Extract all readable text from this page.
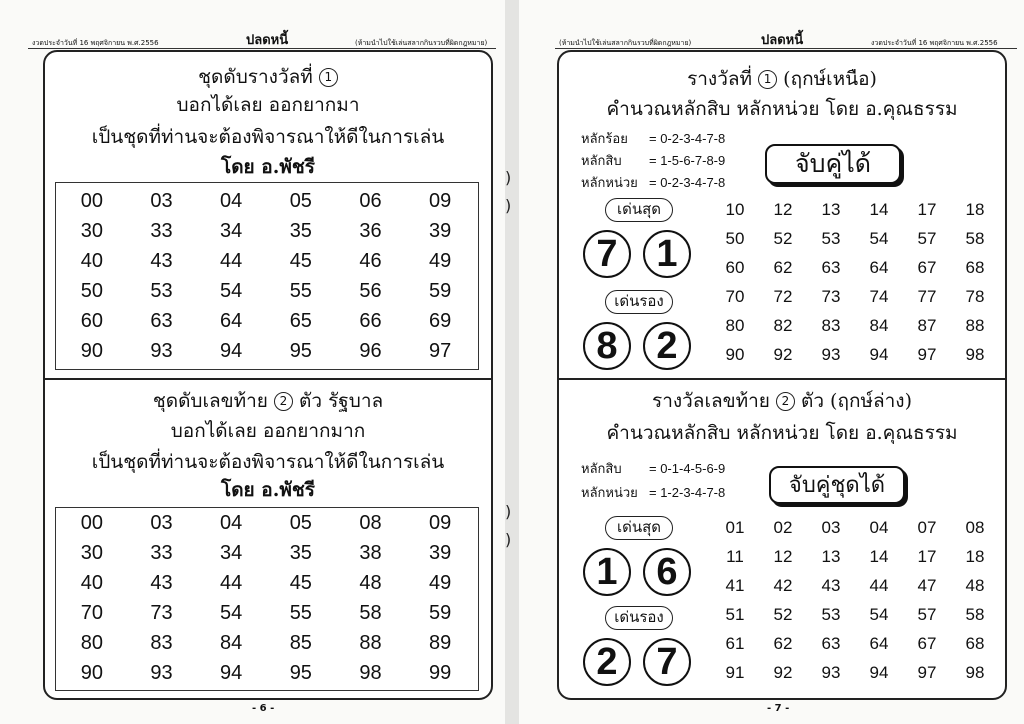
งวดประจำวันที่ 16 พฤศจิกายน พ.ศ.2556	ปลดหนี้	(ห้ามนำไปใช้เล่นสลากกินรวบที่ผิดกฎหมาย)
ชุดดับรางวัลที่ 1
บอกได้เลย ออกยากมา
เป็นชุดที่ท่านจะต้องพิจารณาให้ดีในการเล่น
โดย อ.พัชรี
00	03	04	05	06	09
30	33	34	35	36	39
40	43	44	45	46	49
50	53	54	55	56	59
60	63	64	65	66	69
90	93	94	95	96	97
ชุดดับเลขท้าย 2 ตัว รัฐบาล
บอกได้เลย ออกยากมาก
เป็นชุดที่ท่านจะต้องพิจารณาให้ดีในการเล่น
โดย อ.พัชรี
00	03	04	05	08	09
30	33	34	35	38	39
40	43	44	45	48	49
70	73	54	55	58	59
80	83	84	85	88	89
90	93	94	95	98	99
- 6 -
)
)
)
)
(ห้ามนำไปใช้เล่นสลากกินรวบที่ผิดกฎหมาย)	ปลดหนี้	งวดประจำวันที่ 16 พฤศจิกายน พ.ศ.2556
รางวัลที่ 1 (ฤกษ์เหนือ)
คำนวณหลักสิบ หลักหน่วย โดย อ.คุณธรรม
หลักร้อย = 0-2-3-4-7-8
หลักสิบ = 1-5-6-7-8-9
หลักหน่วย = 0-2-3-4-7-8
จับคู่ได้
เด่นสุด
7	1
เด่นรอง
8	2
10	12	13	14	17	18
50	52	53	54	57	58
60	62	63	64	67	68
70	72	73	74	77	78
80	82	83	84	87	88
90	92	93	94	97	98
รางวัลเลขท้าย 2 ตัว (ฤกษ์ล่าง)
คำนวณหลักสิบ หลักหน่วย โดย อ.คุณธรรม
หลักสิบ = 0-1-4-5-6-9
หลักหน่วย = 1-2-3-4-7-8	จับคู่ชุดได้
เด่นสุด
1	6
เด่นรอง
2	7
01	02	03	04	07	08
11	12	13	14	17	18
41	42	43	44	47	48
51	52	53	54	57	58
61	62	63	64	67	68
91	92	93	94	97	98
- 7 -
